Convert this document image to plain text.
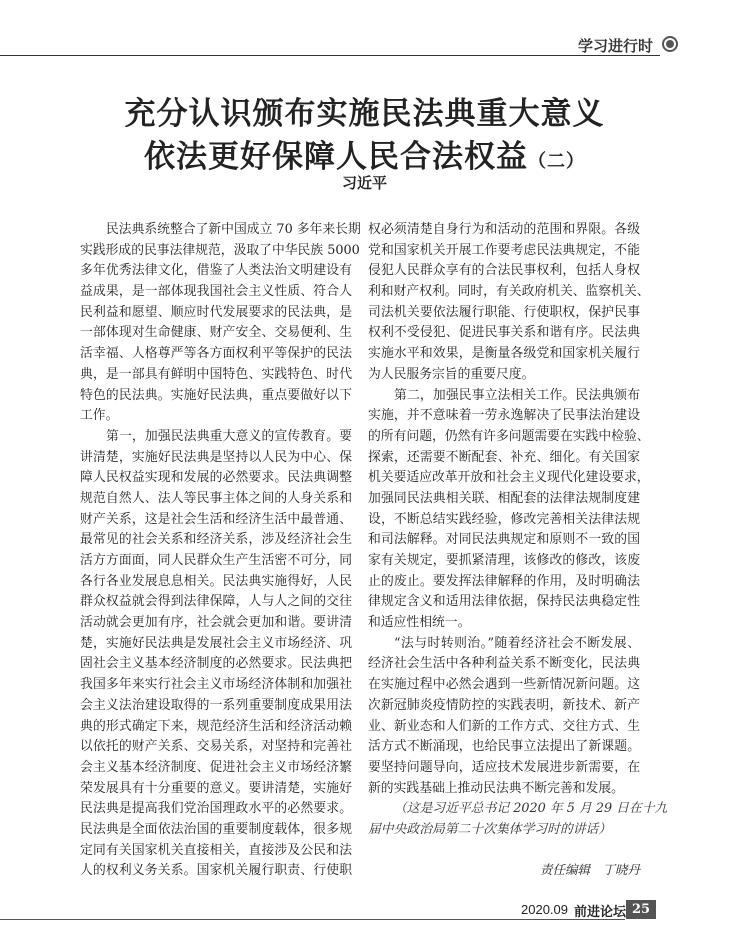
学习进行时
充分认识颁布实施民法典重大意义
依法更好保障人民合法权益（二）
习近平
民法典系统整合了新中国成立 70 多年来长期
实践形成的民事法律规范，汲取了中华民族 5000
多年优秀法律文化，借鉴了人类法治文明建设有
益成果，是一部体现我国社会主义性质、符合人
民利益和愿望、顺应时代发展要求的民法典，是
一部体现对生命健康、财产安全、交易便利、生
活幸福、人格尊严等各方面权利平等保护的民法
典，是一部具有鲜明中国特色、实践特色、时代
特色的民法典。实施好民法典，重点要做好以下
工作。
第一，加强民法典重大意义的宣传教育。要
讲清楚，实施好民法典是坚持以人民为中心、保
障人民权益实现和发展的必然要求。民法典调整
规范自然人、法人等民事主体之间的人身关系和
财产关系，这是社会生活和经济生活中最普通、
最常见的社会关系和经济关系，涉及经济社会生
活方方面面，同人民群众生产生活密不可分，同
各行各业发展息息相关。民法典实施得好，人民
群众权益就会得到法律保障，人与人之间的交往
活动就会更加有序，社会就会更加和谐。要讲清
楚，实施好民法典是发展社会主义市场经济、巩
固社会主义基本经济制度的必然要求。民法典把
我国多年来实行社会主义市场经济体制和加强社
会主义法治建设取得的一系列重要制度成果用法
典的形式确定下来，规范经济生活和经济活动赖
以依托的财产关系、交易关系，对坚持和完善社
会主义基本经济制度、促进社会主义市场经济繁
荣发展具有十分重要的意义。要讲清楚，实施好
民法典是提高我们党治国理政水平的必然要求。
民法典是全面依法治国的重要制度载体，很多规
定同有关国家机关直接相关，直接涉及公民和法
人的权利义务关系。国家机关履行职责、行使职
权必须清楚自身行为和活动的范围和界限。各级
党和国家机关开展工作要考虑民法典规定，不能
侵犯人民群众享有的合法民事权利，包括人身权
利和财产权利。同时，有关政府机关、监察机关、
司法机关要依法履行职能、行使职权，保护民事
权利不受侵犯、促进民事关系和谐有序。民法典
实施水平和效果，是衡量各级党和国家机关履行
为人民服务宗旨的重要尺度。
第二，加强民事立法相关工作。民法典颁布
实施，并不意味着一劳永逸解决了民事法治建设
的所有问题，仍然有许多问题需要在实践中检验、
探索，还需要不断配套、补充、细化。有关国家
机关要适应改革开放和社会主义现代化建设要求，
加强同民法典相关联、相配套的法律法规制度建
设，不断总结实践经验，修改完善相关法律法规
和司法解释。对同民法典规定和原则不一致的国
家有关规定，要抓紧清理，该修改的修改，该废
止的废止。要发挥法律解释的作用，及时明确法
律规定含义和适用法律依据，保持民法典稳定性
和适应性相统一。
“法与时转则治。”随着经济社会不断发展、
经济社会生活中各种利益关系不断变化，民法典
在实施过程中必然会遇到一些新情况新问题。这
次新冠肺炎疫情防控的实践表明，新技术、新产
业、新业态和人们新的工作方式、交往方式、生
活方式不断涌现，也给民事立法提出了新课题。
要坚持问题导向，适应技术发展进步新需要，在
新的实践基础上推动民法典不断完善和发展。
（这是习近平总书记 2020 年 5 月 29 日在十九
届中央政治局第二十次集体学习时的讲话）
责任编辑　丁晓丹
2020.09 前进论坛 25
